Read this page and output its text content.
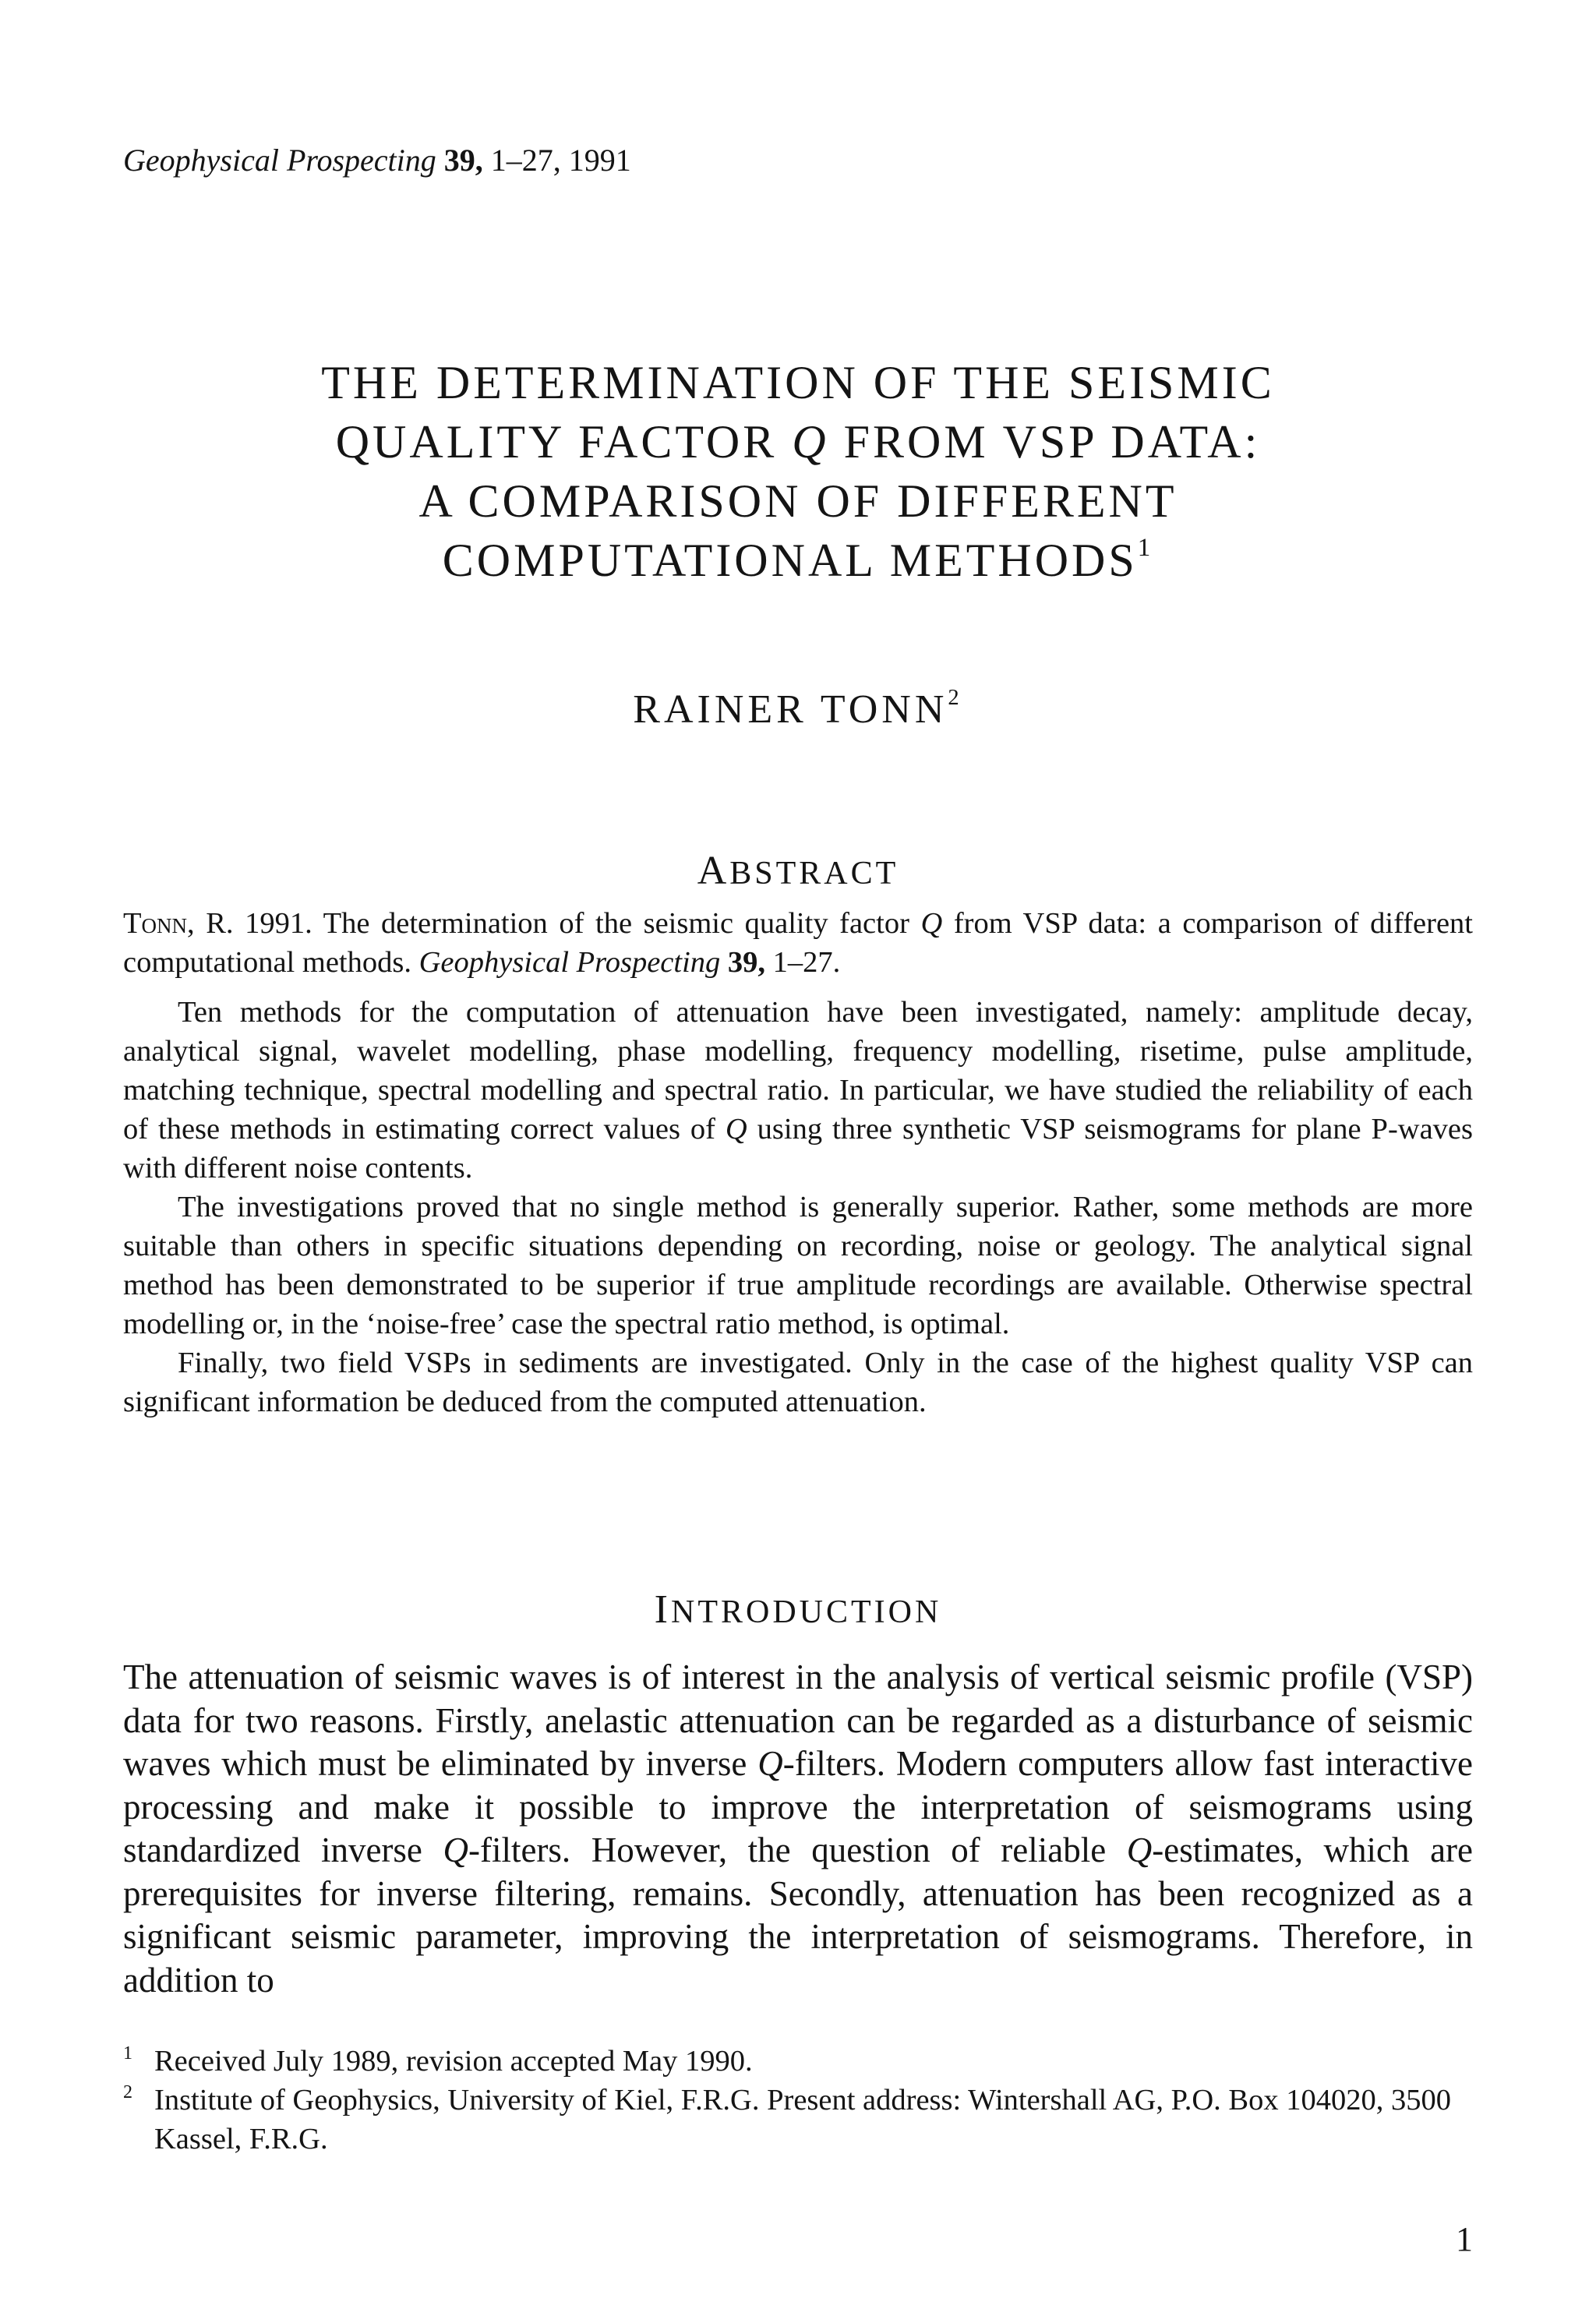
Geophysical Prospecting 39, 1–27, 1991
THE DETERMINATION OF THE SEISMIC
QUALITY FACTOR Q FROM VSP DATA:
A COMPARISON OF DIFFERENT
COMPUTATIONAL METHODS$^1$
RAINER TONN$^2$
ABSTRACT

Tonn, R. 1991. The determination of the seismic quality factor Q from VSP data: a comparison of different computational methods. Geophysical Prospecting 39, 1–27.

Ten methods for the computation of attenuation have been investigated, namely: amplitude decay, analytical signal, wavelet modelling, phase modelling, frequency modelling, risetime, pulse amplitude, matching technique, spectral modelling and spectral ratio. In particular, we have studied the reliability of each of these methods in estimating correct values of Q using three synthetic VSP seismograms for plane P-waves with different noise contents.

The investigations proved that no single method is generally superior. Rather, some methods are more suitable than others in specific situations depending on recording, noise or geology. The analytical signal method has been demonstrated to be superior if true amplitude recordings are available. Otherwise spectral modelling or, in the ‘noise-free’ case the spectral ratio method, is optimal.

Finally, two field VSPs in sediments are investigated. Only in the case of the highest quality VSP can significant information be deduced from the computed attenuation.

INTRODUCTION

The attenuation of seismic waves is of interest in the analysis of vertical seismic profile (VSP) data for two reasons. Firstly, anelastic attenuation can be regarded as a disturbance of seismic waves which must be eliminated by inverse Q-filters. Modern computers allow fast interactive processing and make it possible to improve the interpretation of seismograms using standardized inverse Q-filters. However, the question of reliable Q-estimates, which are prerequisites for inverse filtering, remains. Secondly, attenuation has been recognized as a significant seismic parameter, improving the interpretation of seismograms. Therefore, in addition to

1 Received July 1989, revision accepted May 1990.

2 Institute of Geophysics, University of Kiel, F.R.G. Present address: Wintershall AG, P.O. Box 104020, 3500 Kassel, F.R.G.

1
